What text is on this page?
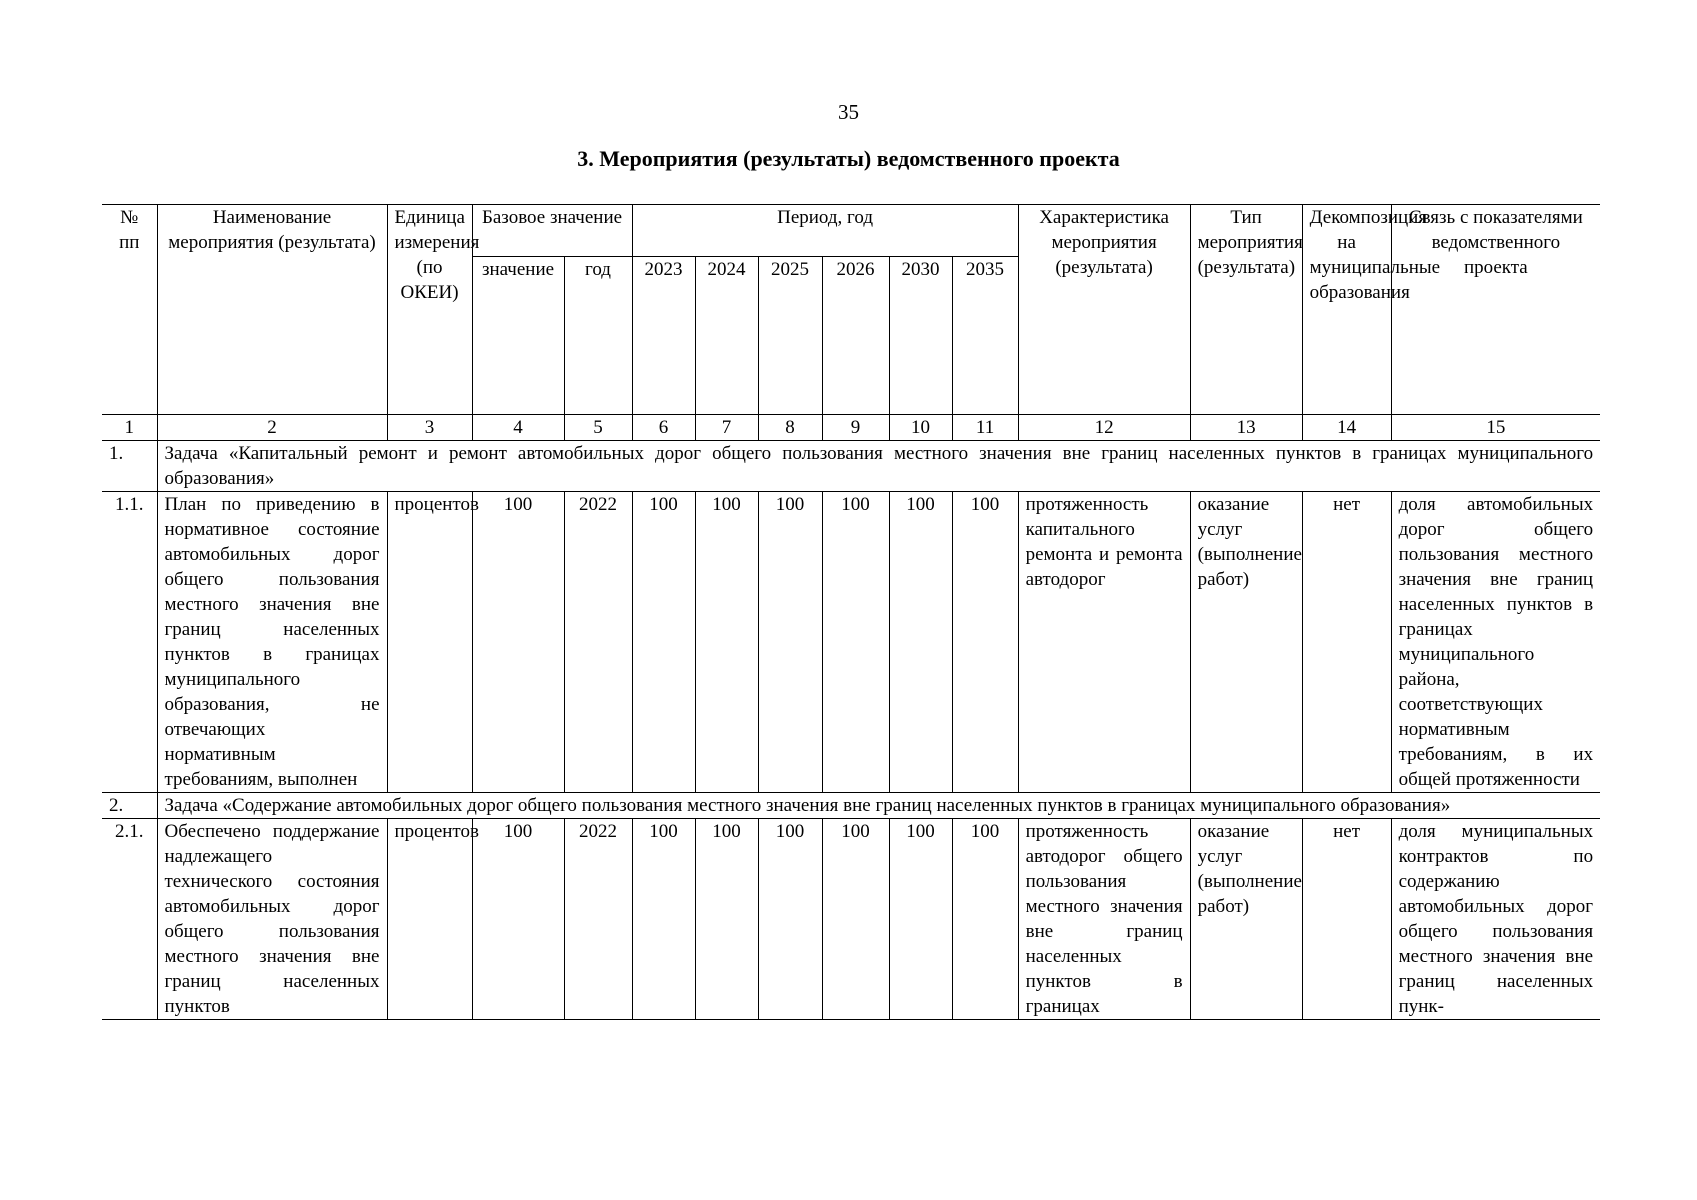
35
3. Мероприятия (результаты) ведомственного проекта
№ пп	Наименование мероприятия (результата)	Единица измерения (по ОКЕИ)	Базовое значение		Период, год						Характеристика мероприятия (результата)	Тип мероприятия (результата)	Декомпозиция на муниципальные образования	Связь с показателями ведомственного проекта
			значение	год	2023	2024	2025	2026	2030	2035				
1	2	3	4	5	6	7	8	9	10	11	12	13	14	15
1.	Задача «Капитальный ремонт и ремонт автомобильных дорог общего пользования местного значения вне границ населенных пунктов в границах муниципального образования»													
1.1.	План по приведению в нормативное состояние автомобильных дорог общего пользования местного значения вне границ населенных пунктов в границах муниципального образования, не отвечающих нормативным требованиям, выполнен	процентов	100	2022	100	100	100	100	100	100	протяженность капитального ремонта и ремонта автодорог	оказание услуг (выполнение работ)	нет	доля автомобильных дорог общего пользования местного значения вне границ населенных пунктов в границах муниципального района, соответствующих нормативным требованиям, в их общей протяженности
2.	Задача «Содержание автомобильных дорог общего пользования местного значения вне границ населенных пунктов в границах муниципального образования»													
2.1.	Обеспечено поддержание надлежащего технического состояния автомобильных дорог общего пользования местного значения вне границ населенных пунктов	процентов	100	2022	100	100	100	100	100	100	протяженность автодорог общего пользования местного значения вне границ населенных пунктов в границах	оказание услуг (выполнение работ)	нет	доля муниципальных контрактов по содержанию автомобильных дорог общего пользования местного значения вне границ населенных пунк-
